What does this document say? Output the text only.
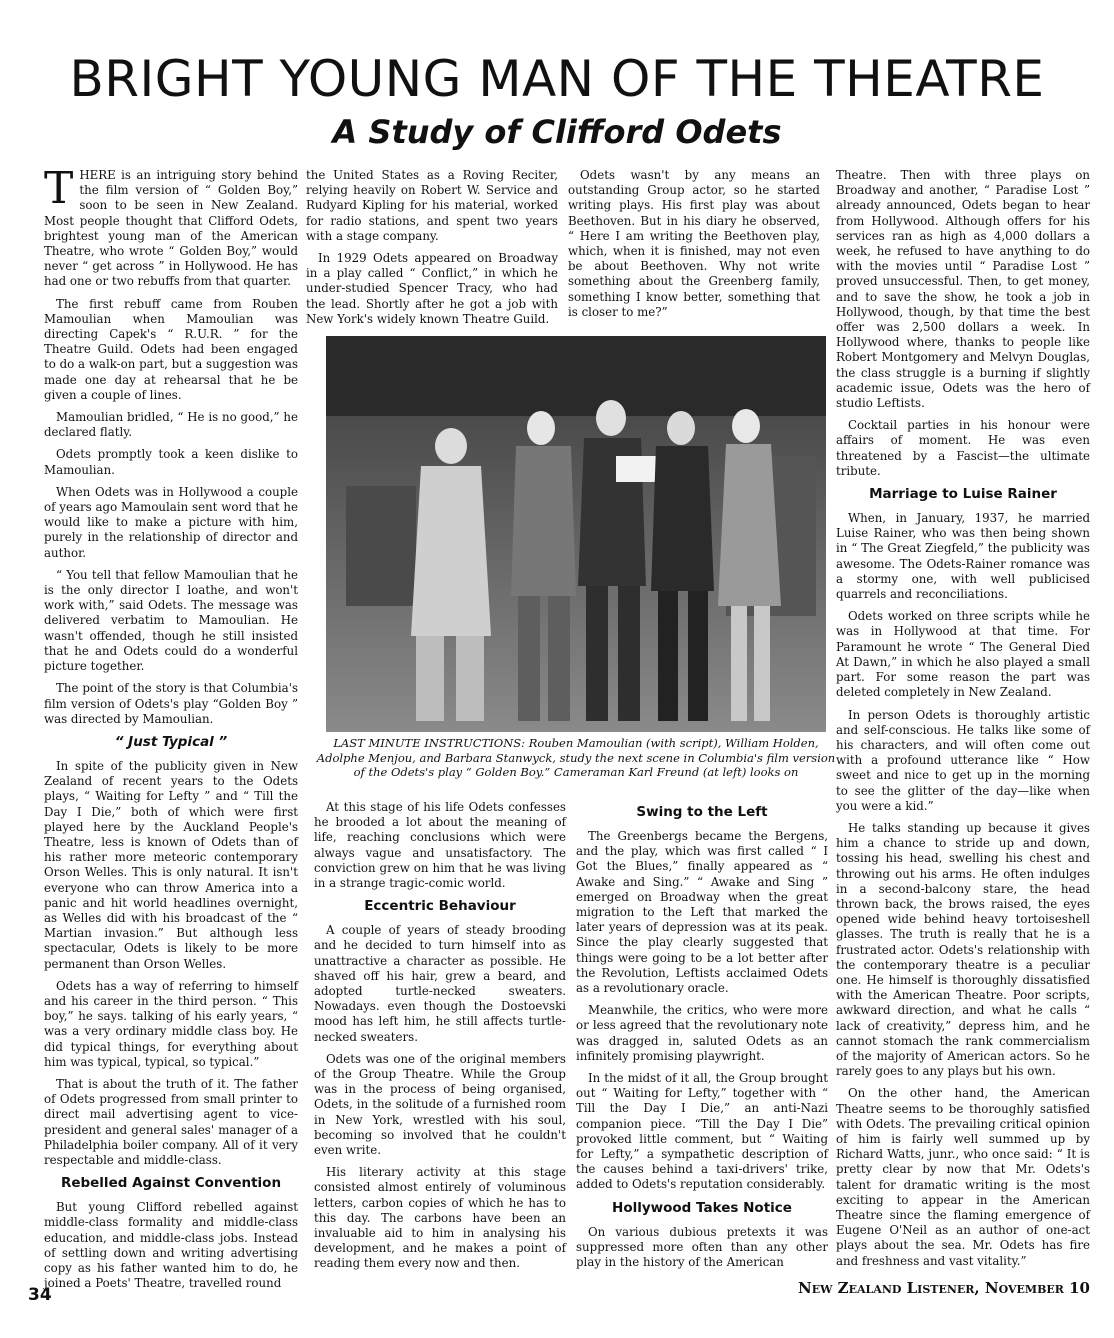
BRIGHT YOUNG MAN OF THE THEATRE
A Study of Clifford Odets

THERE is an intriguing story behind the film version of “ Golden Boy,” soon to be seen in New Zealand. Most people thought that Clifford Odets, brightest young man of the American Theatre, who wrote “ Golden Boy,” would never “ get across ” in Hollywood. He has had one or two rebuffs from that quarter.

The first rebuff came from Rouben Mamoulian when Mamoulian was directing Capek's “ R.U.R. ” for the Theatre Guild. Odets had been engaged to do a walk-on part, but a suggestion was made one day at rehearsal that he be given a couple of lines.

Mamoulian bridled, “ He is no good,” he declared flatly.

Odets promptly took a keen dislike to Mamoulian.

When Odets was in Hollywood a couple of years ago Mamoulain sent word that he would like to make a picture with him, purely in the relationship of director and author.

“ You tell that fellow Mamoulian that he is the only director I loathe, and won't work with,” said Odets. The message was delivered verbatim to Mamoulian. He wasn't offended, though he still insisted that he and Odets could do a wonderful picture together.

The point of the story is that Columbia's film version of Odets's play “Golden Boy ” was directed by Mamoulian.

“ Just Typical ”

In spite of the publicity given in New Zealand of recent years to the Odets plays, “ Waiting for Lefty ” and “ Till the Day I Die,” both of which were first played here by the Auckland People's Theatre, less is known of Odets than of his rather more meteoric contemporary Orson Welles. This is only natural. It isn't everyone who can throw America into a panic and hit world headlines overnight, as Welles did with his broadcast of the “ Martian invasion.” But although less spectacular, Odets is likely to be more permanent than Orson Welles.

Odets has a way of referring to himself and his career in the third person. “ This boy,” he says. talking of his early years, “ was a very ordinary middle class boy. He did typical things, for everything about him was typical, typical, so typical.”

That is about the truth of it. The father of Odets progressed from small printer to direct mail advertising agent to vice-president and general sales' manager of a Philadelphia boiler company. All of it very respectable and middle-class.

Rebelled Against Convention

But young Clifford rebelled against middle-class formality and middle-class education, and middle-class jobs. Instead of settling down and writing advertising copy as his father wanted him to do, he joined a Poets' Theatre, travelled round

the United States as a Roving Reciter, relying heavily on Robert W. Service and Rudyard Kipling for his material, worked for radio stations, and spent two years with a stage company.

In 1929 Odets appeared on Broadway in a play called “ Conflict,” in which he under-studied Spencer Tracy, who had the lead. Shortly after he got a job with New York's widely known Theatre Guild.

Odets wasn't by any means an outstanding Group actor, so he started writing plays. His first play was about Beethoven. But in his diary he observed, “ Here I am writing the Beethoven play, which, when it is finished, may not even be about Beethoven. Why not write something about the Greenberg family, something I know better, something that is closer to me?”

LAST MINUTE INSTRUCTIONS: Rouben Mamoulian (with script), William Holden, Adolphe Menjou, and Barbara Stanwyck, study the next scene in Columbia's film version of the Odets's play “ Golden Boy.” Cameraman Karl Freund (at left) looks on

At this stage of his life Odets confesses he brooded a lot about the meaning of life, reaching conclusions which were always vague and unsatisfactory. The conviction grew on him that he was living in a strange tragic-comic world.

Eccentric Behaviour

A couple of years of steady brooding and he decided to turn himself into as unattractive a character as possible. He shaved off his hair, grew a beard, and adopted turtle-necked sweaters. Nowadays. even though the Dostoevski mood has left him, he still affects turtle-necked sweaters.

Odets was one of the original members of the Group Theatre. While the Group was in the process of being organised, Odets, in the solitude of a furnished room in New York, wrestled with his soul, becoming so involved that he couldn't even write.

His literary activity at this stage consisted almost entirely of voluminous letters, carbon copies of which he has to this day. The carbons have been an invaluable aid to him in analysing his development, and he makes a point of reading them every now and then.

Swing to the Left

The Greenbergs became the Bergens, and the play, which was first called “ I Got the Blues,” finally appeared as “ Awake and Sing.” “ Awake and Sing ” emerged on Broadway when the great migration to the Left that marked the later years of depression was at its peak. Since the play clearly suggested that things were going to be a lot better after the Revolution, Leftists acclaimed Odets as a revolutionary oracle.

Meanwhile, the critics, who were more or less agreed that the revolutionary note was dragged in, saluted Odets as an infinitely promising playwright.

In the midst of it all, the Group brought out “ Waiting for Lefty,” together with “ Till the Day I Die,” an anti-Nazi companion piece. “Till the Day I Die” provoked little comment, but “ Waiting for Lefty,” a sympathetic description of the causes behind a taxi-drivers' trike, added to Odets's reputation considerably.

Hollywood Takes Notice

On various dubious pretexts it was suppressed more often than any other play in the history of the American

Theatre. Then with three plays on Broadway and another, “ Paradise Lost ” already announced, Odets began to hear from Hollywood. Although offers for his services ran as high as 4,000 dollars a week, he refused to have anything to do with the movies until “ Paradise Lost ” proved unsuccessful. Then, to get money, and to save the show, he took a job in Hollywood, though, by that time the best offer was 2,500 dollars a week. In Hollywood where, thanks to people like Robert Montgomery and Melvyn Douglas, the class struggle is a burning if slightly academic issue, Odets was the hero of studio Leftists.

Cocktail parties in his honour were affairs of moment. He was even threatened by a Fascist—the ultimate tribute.

Marriage to Luise Rainer

When, in January, 1937, he married Luise Rainer, who was then being shown in “ The Great Ziegfeld,” the publicity was awesome. The Odets-Rainer romance was a stormy one, with well publicised quarrels and reconciliations.

Odets worked on three scripts while he was in Hollywood at that time. For Paramount he wrote “ The General Died At Dawn,” in which he also played a small part. For some reason the part was deleted completely in New Zealand.

In person Odets is thoroughly artistic and self-conscious. He talks like some of his characters, and will often come out with a profound utterance like “ How sweet and nice to get up in the morning to see the glitter of the day—like when you were a kid.”

He talks standing up because it gives him a chance to stride up and down, tossing his head, swelling his chest and throwing out his arms. He often indulges in a second-balcony stare, the head thrown back, the brows raised, the eyes opened wide behind heavy tortoiseshell glasses. The truth is really that he is a frustrated actor. Odets's relationship with the contemporary theatre is a peculiar one. He himself is thoroughly dissatisfied with the American Theatre. Poor scripts, awkward direction, and what he calls “ lack of creativity,” depress him, and he cannot stomach the rank commercialism of the majority of American actors. So he rarely goes to any plays but his own.

On the other hand, the American Theatre seems to be thoroughly satisfied with Odets. The prevailing critical opinion of him is fairly well summed up by Richard Watts, junr., who once said: “ It is pretty clear by now that Mr. Odets's talent for dramatic writing is the most exciting to appear in the American Theatre since the flaming emergence of Eugene O'Neil as an author of one-act plays about the sea. Mr. Odets has fire and freshness and vast vitality.”

34	New Zealand Listener, November 10
